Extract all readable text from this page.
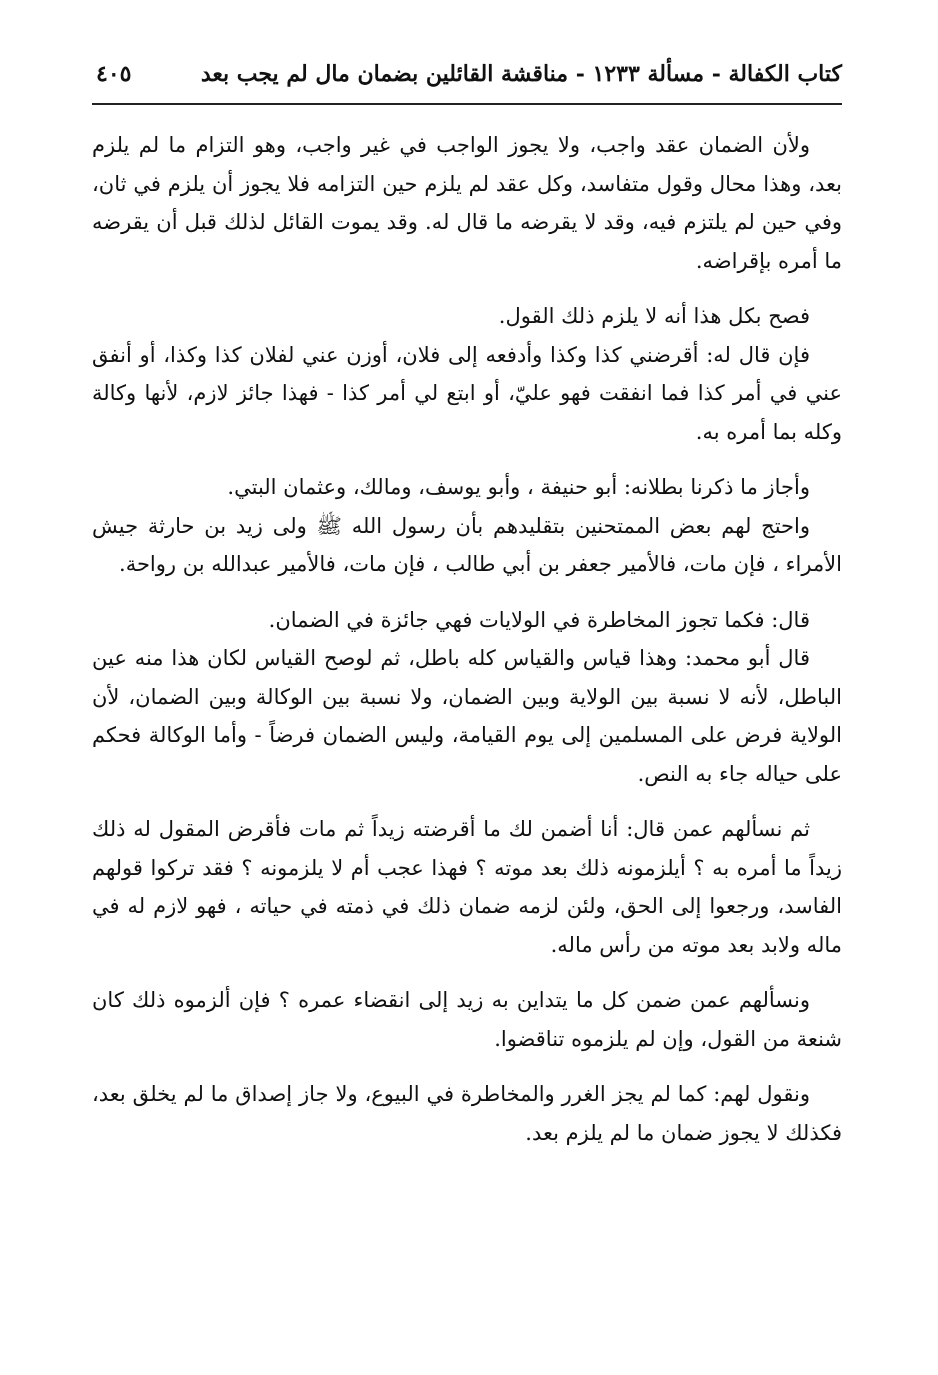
كتاب الكفالة - مسألة ١٢٣٣ - مناقشة القائلين بضمان مال لم يجب بعد
٤٠٥

ولأن الضمان عقد واجب، ولا يجوز الواجب في غير واجب، وهو التزام ما لم يلزم بعد، وهذا محال وقول متفاسد، وكل عقد لم يلزم حين التزامه فلا يجوز أن يلزم في ثان، وفي حين لم يلتزم فيه، وقد لا يقرضه ما قال له. وقد يموت القائل لذلك قبل أن يقرضه ما أمره بإقراضه.

فصح بكل هذا أنه لا يلزم ذلك القول.

فإن قال له: أقرضني كذا وكذا وأدفعه إلى فلان، أوزن عني لفلان كذا وكذا، أو أنفق عني في أمر كذا فما انفقت فهو عليّ، أو ابتع لي أمر كذا - فهذا جائز لازم، لأنها وكالة وكله بما أمره به.

وأجاز ما ذكرنا بطلانه: أبو حنيفة ، وأبو يوسف، ومالك، وعثمان البتي.

واحتج لهم بعض الممتحنين بتقليدهم بأن رسول الله ﷺ ولى زيد بن حارثة جيش الأمراء ، فإن مات، فالأمير جعفر بن أبي طالب ، فإن مات، فالأمير عبدالله بن رواحة.

قال: فكما تجوز المخاطرة في الولايات فهي جائزة في الضمان.

قال أبو محمد: وهذا قياس والقياس كله باطل، ثم لوصح القياس لكان هذا منه عين الباطل، لأنه لا نسبة بين الولاية وبين الضمان، ولا نسبة بين الوكالة وبين الضمان، لأن الولاية فرض على المسلمين إلى يوم القيامة، وليس الضمان فرضاً - وأما الوكالة فحكم على حياله جاء به النص.

ثم نسألهم عمن قال: أنا أضمن لك ما أقرضته زيداً ثم مات فأقرض المقول له ذلك زيداً ما أمره به ؟ أيلزمونه ذلك بعد موته ؟ فهذا عجب أم لا يلزمونه ؟ فقد تركوا قولهم الفاسد، ورجعوا إلى الحق، ولئن لزمه ضمان ذلك في ذمته في حياته ، فهو لازم له في ماله ولابد بعد موته من رأس ماله.

ونسألهم عمن ضمن كل ما يتداين به زيد إلى انقضاء عمره ؟ فإن ألزموه ذلك كان شنعة من القول، وإن لم يلزموه تناقضوا.

ونقول لهم: كما لم يجز الغرر والمخاطرة في البيوع، ولا جاز إصداق ما لم يخلق بعد، فكذلك لا يجوز ضمان ما لم يلزم بعد.
